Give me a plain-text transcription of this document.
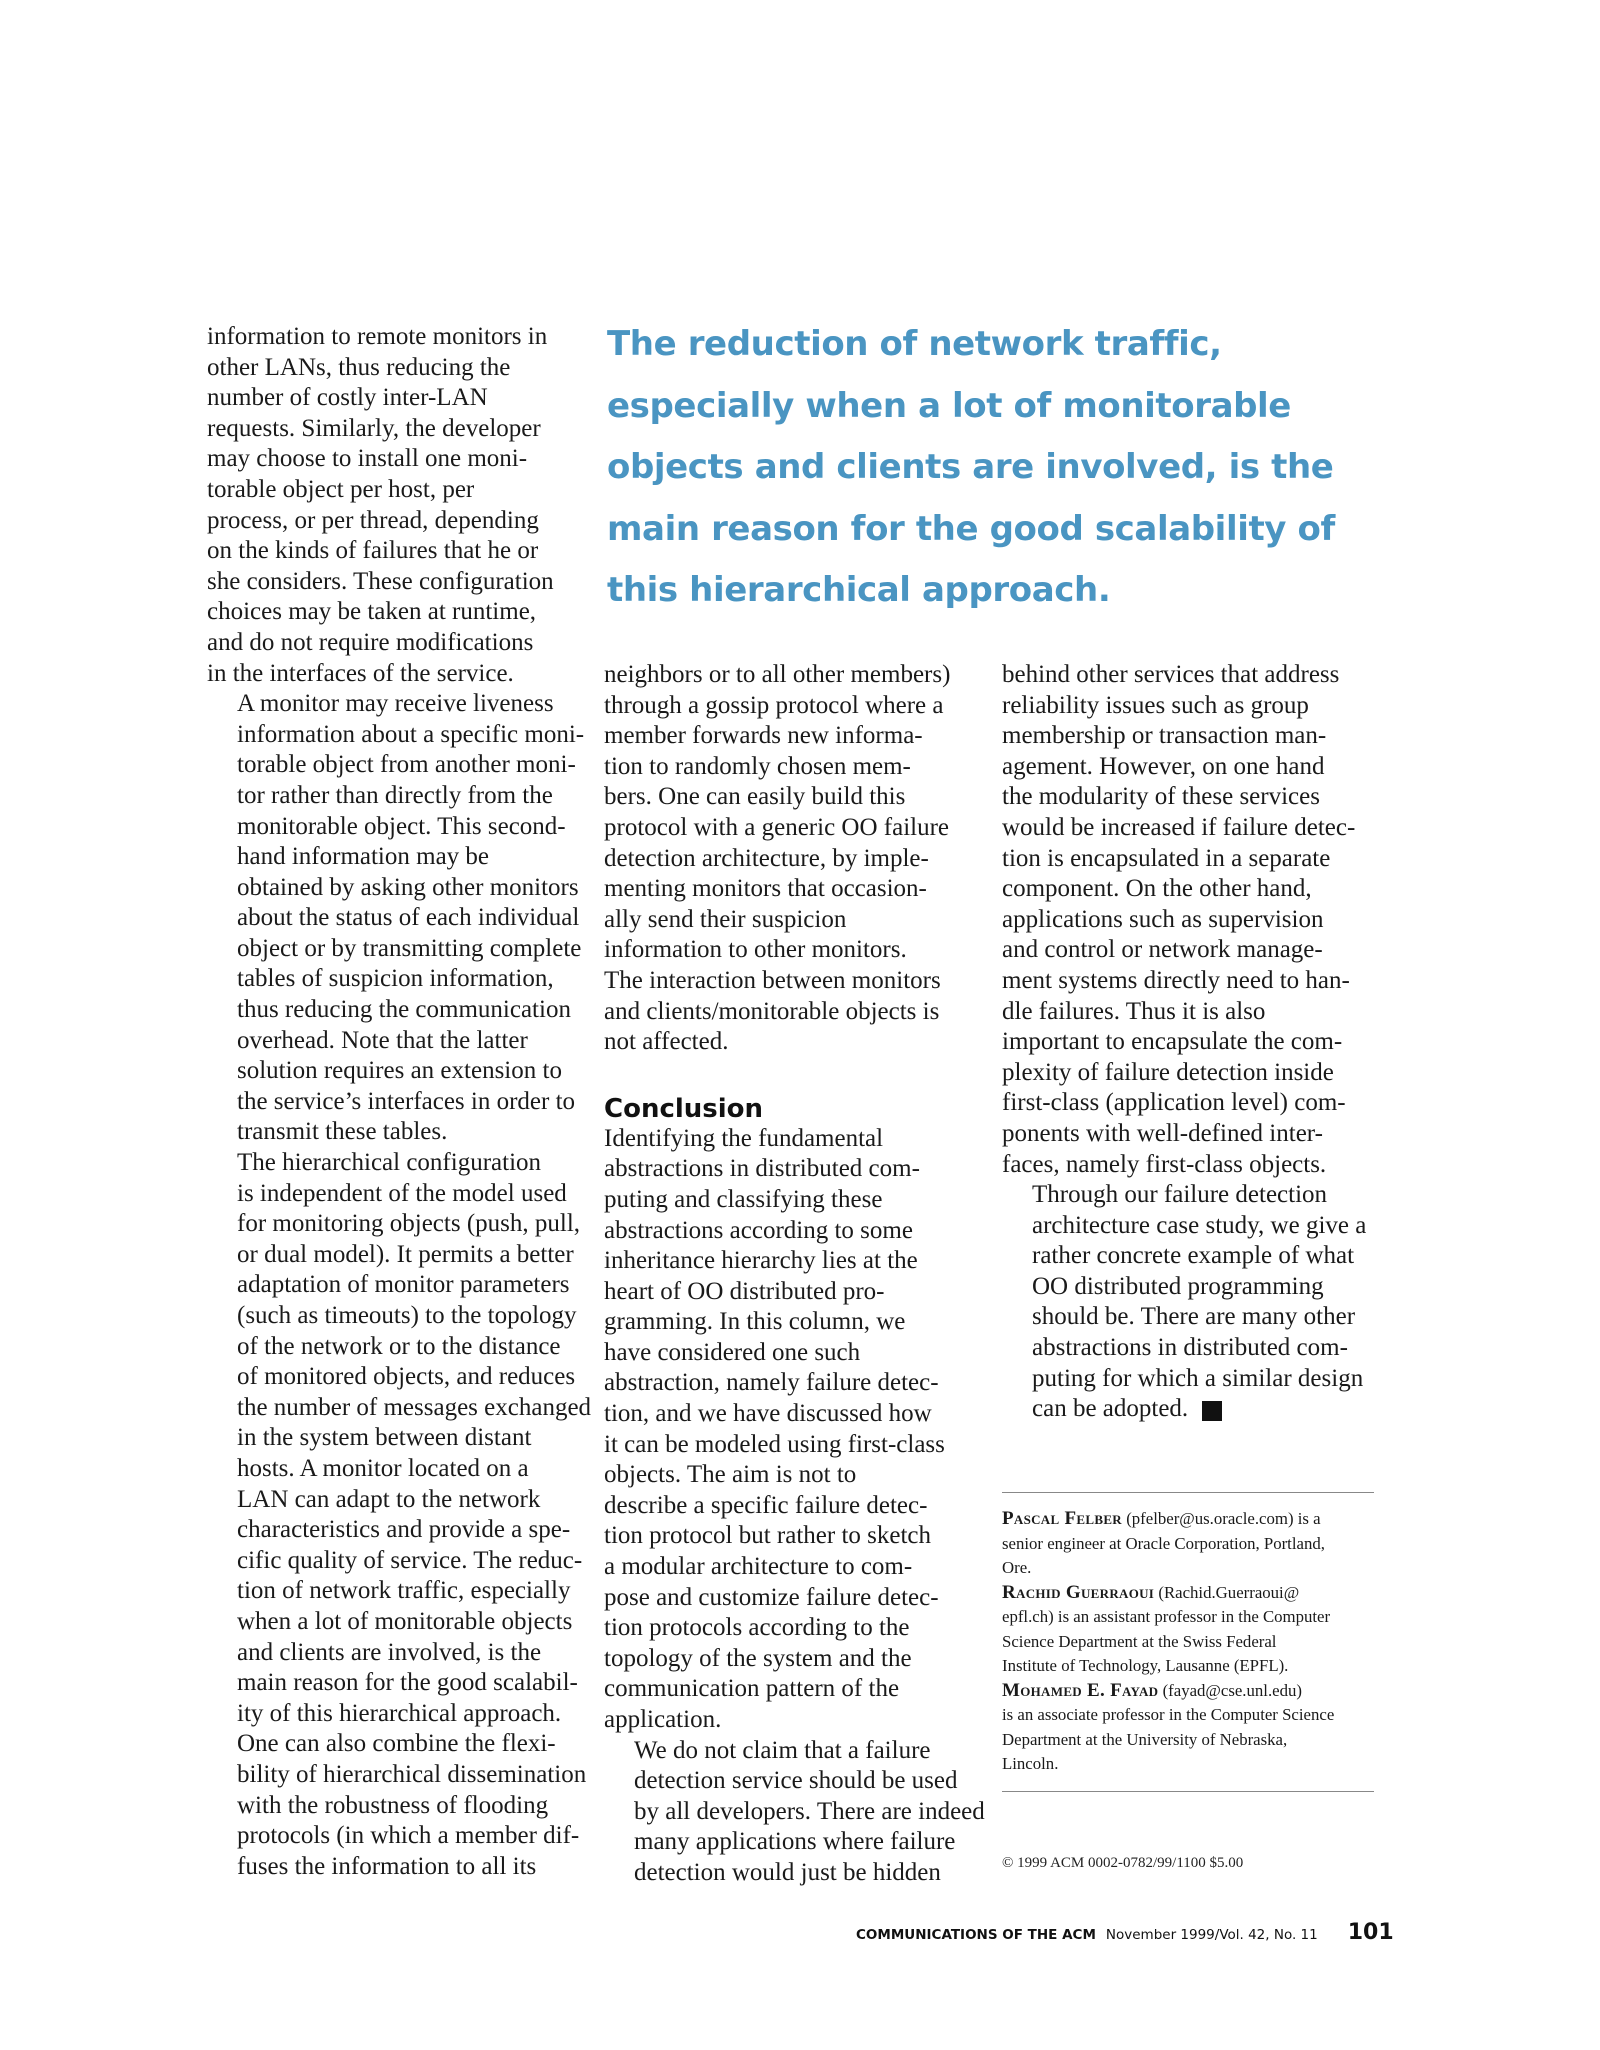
The reduction of network traffic,
especially when a lot of monitorable
objects and clients are involved, is the
main reason for the good scalability of
this hierarchical approach.

information to remote monitors in
other LANs, thus reducing the
number of costly inter-LAN
requests. Similarly, the developer
may choose to install one moni-
torable object per host, per
process, or per thread, depending
on the kinds of failures that he or
she considers. These configuration
choices may be taken at runtime,
and do not require modifications
in the interfaces of the service.

A monitor may receive liveness
information about a specific moni-
torable object from another moni-
tor rather than directly from the
monitorable object. This second-
hand information may be
obtained by asking other monitors
about the status of each individual
object or by transmitting complete
tables of suspicion information,
thus reducing the communication
overhead. Note that the latter
solution requires an extension to
the service’s interfaces in order to
transmit these tables.

The hierarchical configuration
is independent of the model used
for monitoring objects (push, pull,
or dual model). It permits a better
adaptation of monitor parameters
(such as timeouts) to the topology
of the network or to the distance
of monitored objects, and reduces
the number of messages exchanged
in the system between distant
hosts. A monitor located on a
LAN can adapt to the network
characteristics and provide a spe-
cific quality of service. The reduc-
tion of network traffic, especially
when a lot of monitorable objects
and clients are involved, is the
main reason for the good scalabil-
ity of this hierarchical approach.

One can also combine the flexi-
bility of hierarchical dissemination
with the robustness of flooding
protocols (in which a member dif-
fuses the information to all its

neighbors or to all other members)
through a gossip protocol where a
member forwards new informa-
tion to randomly chosen mem-
bers. One can easily build this
protocol with a generic OO failure
detection architecture, by imple-
menting monitors that occasion-
ally send their suspicion
information to other monitors.
The interaction between monitors
and clients/monitorable objects is
not affected.

Conclusion

Identifying the fundamental
abstractions in distributed com-
puting and classifying these
abstractions according to some
inheritance hierarchy lies at the
heart of OO distributed pro-
gramming. In this column, we
have considered one such
abstraction, namely failure detec-
tion, and we have discussed how
it can be modeled using first-class
objects. The aim is not to
describe a specific failure detec-
tion protocol but rather to sketch
a modular architecture to com-
pose and customize failure detec-
tion protocols according to the
topology of the system and the
communication pattern of the
application.

We do not claim that a failure
detection service should be used
by all developers. There are indeed
many applications where failure
detection would just be hidden

behind other services that address
reliability issues such as group
membership or transaction man-
agement. However, on one hand
the modularity of these services
would be increased if failure detec-
tion is encapsulated in a separate
component. On the other hand,
applications such as supervision
and control or network manage-
ment systems directly need to han-
dle failures. Thus it is also
important to encapsulate the com-
plexity of failure detection inside
first-class (application level) com-
ponents with well-defined inter-
faces, namely first-class objects.

Through our failure detection
architecture case study, we give a
rather concrete example of what
OO distributed programming
should be. There are many other
abstractions in distributed com-
puting for which a similar design
can be adopted.	C

Pascal Felber (pfelber@us.oracle.com) is a
senior engineer at Oracle Corporation, Portland,
Ore.

Rachid Guerraoui (Rachid.Guerraoui@
epfl.ch) is an assistant professor in the Computer
Science Department at the Swiss Federal
Institute of Technology, Lausanne (EPFL).

Mohamed E. Fayad (fayad@cse.unl.edu)
is an associate professor in the Computer Science
Department at the University of Nebraska,
Lincoln.

© 1999 ACM 0002-0782/99/1100 $5.00
COMMUNICATIONS OF THE ACM November 1999/Vol. 42, No. 11 101
